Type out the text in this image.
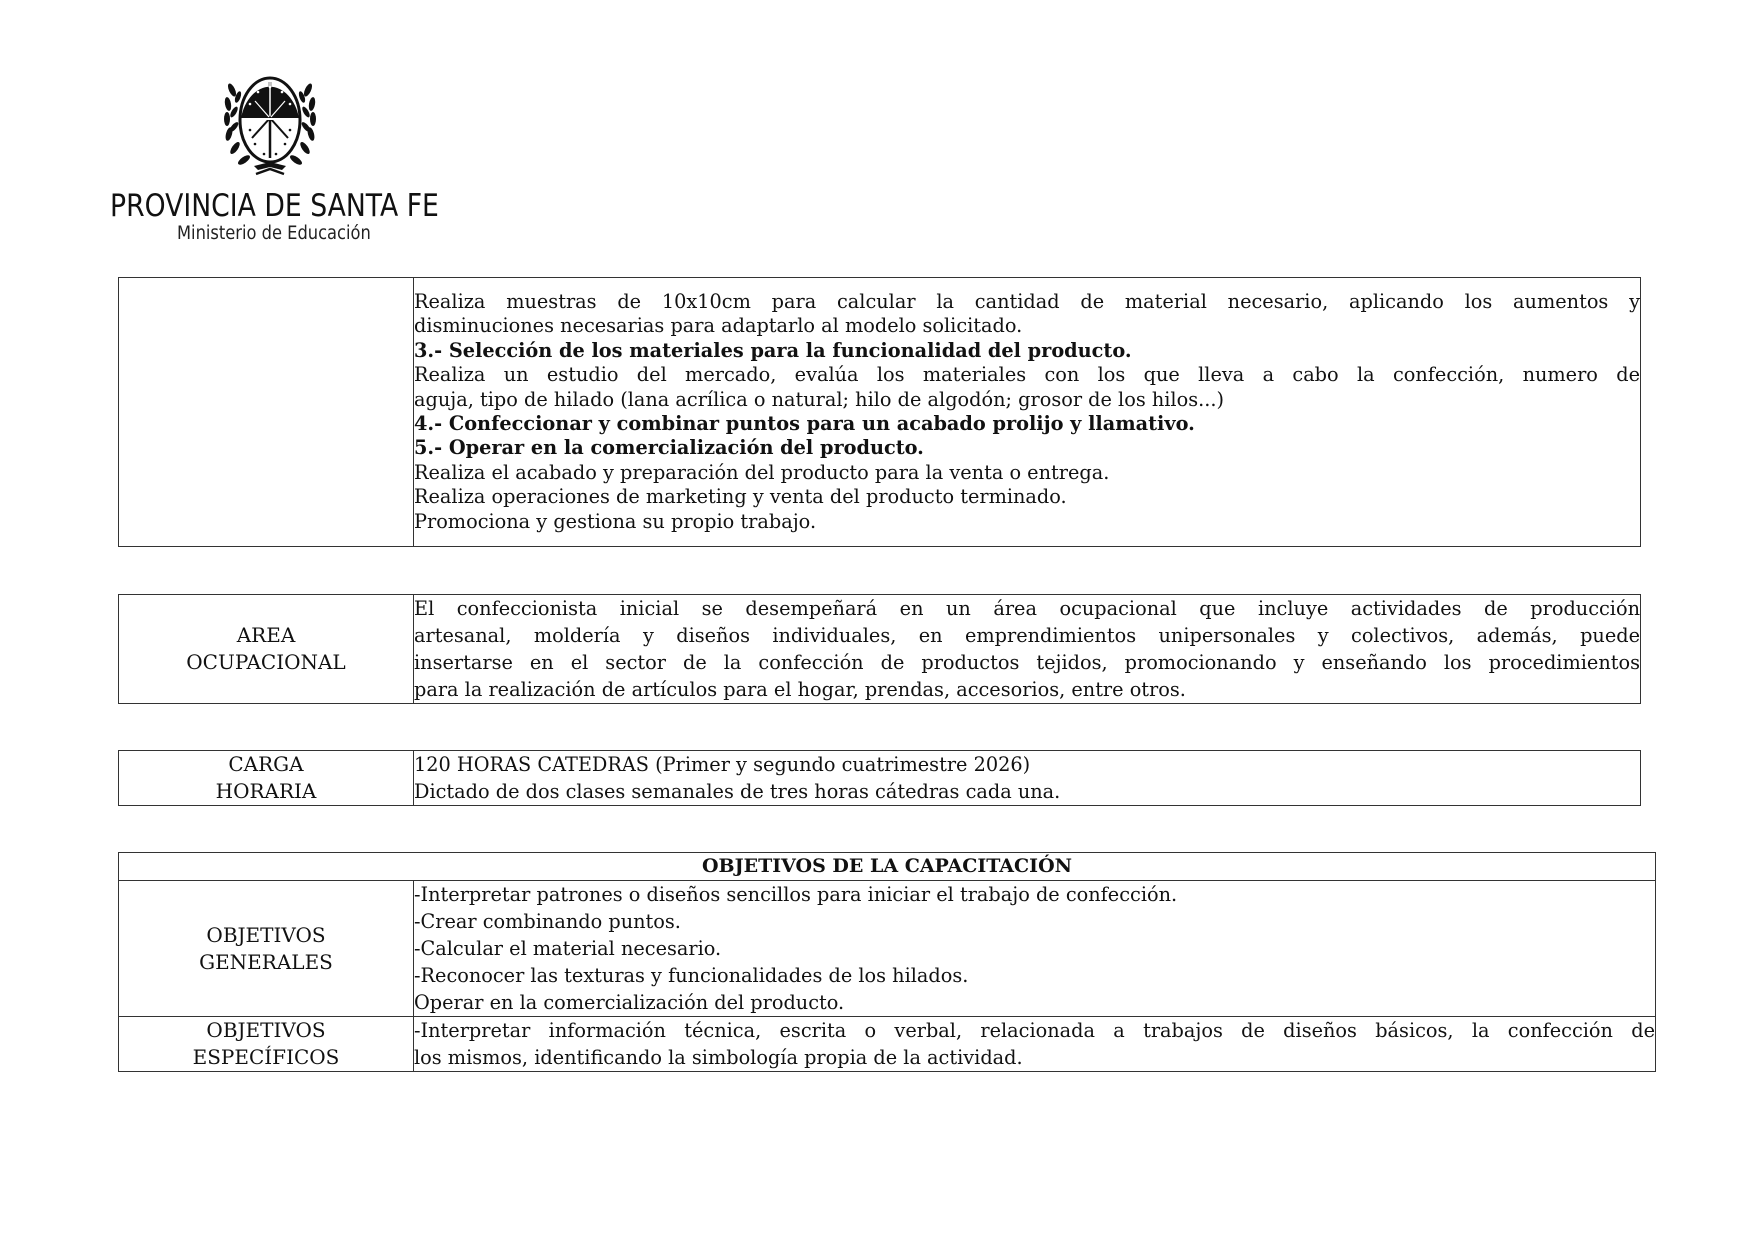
PROVINCIA DE SANTA FE
Ministerio de Educación

Realiza muestras de 10x10cm para calcular la cantidad de material necesario, aplicando los aumentos y
disminuciones necesarias para adaptarlo al modelo solicitado.
3.- Selección de los materiales para la funcionalidad del producto.
Realiza un estudio del mercado, evalúa los materiales con los que lleva a cabo la confección, numero de
aguja, tipo de hilado (lana acrílica o natural; hilo de algodón; grosor de los hilos...)
4.- Confeccionar y combinar puntos para un acabado prolijo y llamativo.
5.- Operar en la comercialización del producto.
Realiza el acabado y preparación del producto para la venta o entrega.
Realiza operaciones de marketing y venta del producto terminado.
Promociona y gestiona su propio trabajo.
AREA
OCUPACIONAL

El confeccionista inicial se desempeñará en un área ocupacional que incluye actividades de producción
artesanal, moldería y diseños individuales, en emprendimientos unipersonales y colectivos, además, puede
insertarse en el sector de la confección de productos tejidos, promocionando y enseñando los procedimientos
para la realización de artículos para el hogar, prendas, accesorios, entre otros.
CARGA
HORARIA

120 HORAS CATEDRAS (Primer y segundo cuatrimestre 2026)
Dictado de dos clases semanales de tres horas cátedras cada una.
OBJETIVOS DE LA CAPACITACIÓN	

OBJETIVOS
GENERALES	-Interpretar patrones o diseños sencillos para iniciar el trabajo de confección.
-Crear combinando puntos.
-Calcular el material necesario.
-Reconocer las texturas y funcionalidades de los hilados.
Operar en la comercialización del producto.

OBJETIVOS
ESPECÍFICOS	-Interpretar información técnica, escrita o verbal, relacionada a trabajos de diseños básicos, la confección de
los mismos, identificando la simbología propia de la actividad.
